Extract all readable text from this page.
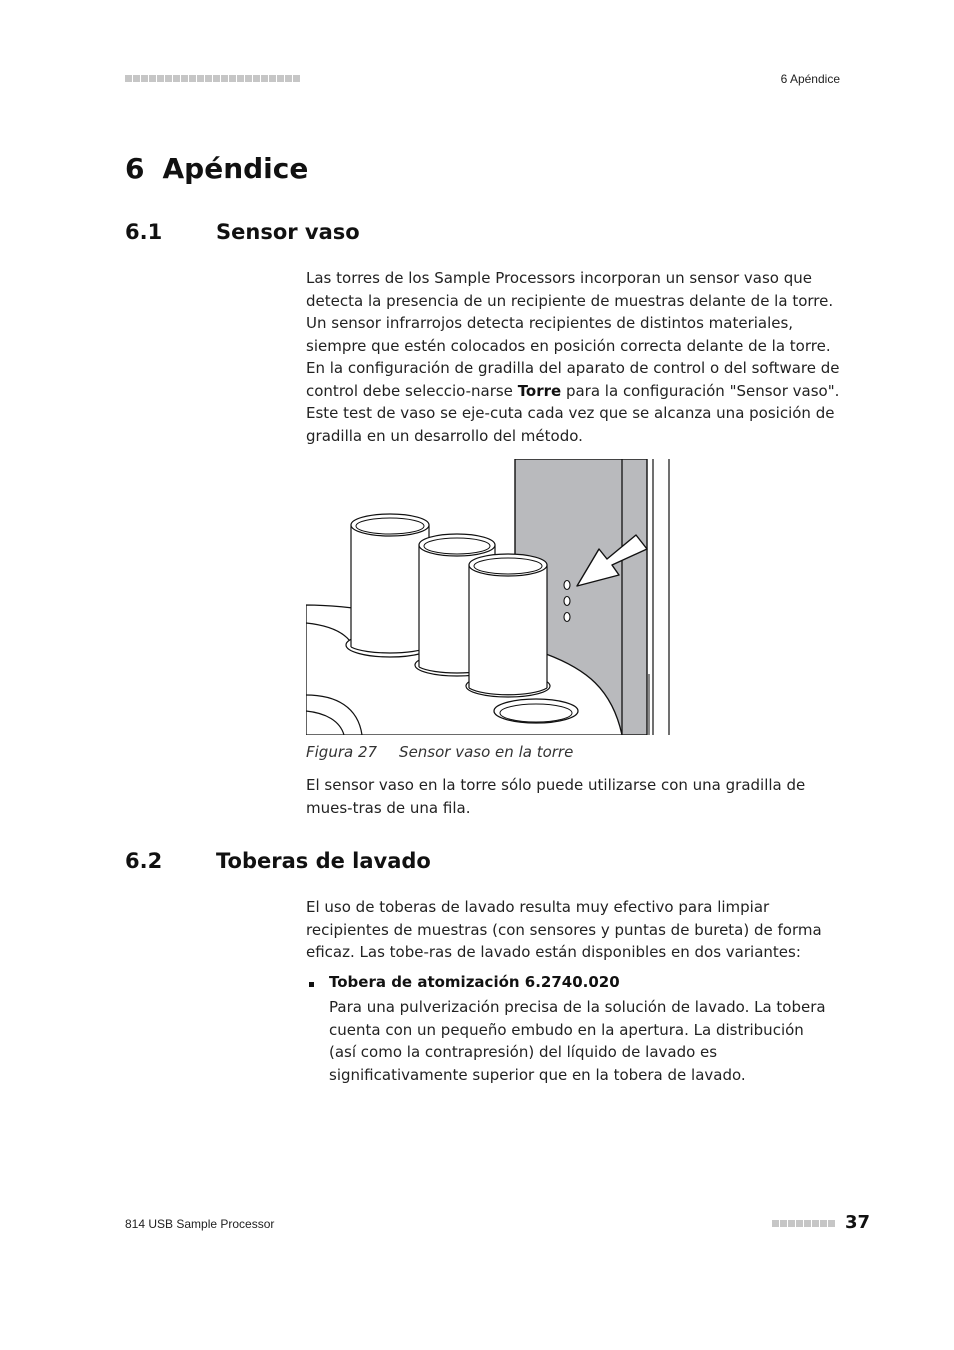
6 Apéndice
6 Apéndice
6.1	Sensor vaso

Las torres de los Sample Processors incorporan un sensor vaso que detecta la presencia de un recipiente de muestras delante de la torre. Un sensor infrarrojos detecta recipientes de distintos materiales, siempre que estén colocados en posición correcta delante de la torre. En la configuración de gradilla del aparato de control o del software de control debe seleccio-narse Torre para la configuración "Sensor vaso". Este test de vaso se eje-cuta cada vez que se alcanza una posición de gradilla en un desarrollo del método.

Figura 27 Sensor vaso en la torre

El sensor vaso en la torre sólo puede utilizarse con una gradilla de mues-tras de una fila.

6.2	Toberas de lavado

El uso de toberas de lavado resulta muy efectivo para limpiar recipientes de muestras (con sensores y puntas de bureta) de forma eficaz. Las tobe-ras de lavado están disponibles en dos variantes:

Tobera de atomización 6.2740.020

Para una pulverización precisa de la solución de lavado. La tobera cuenta con un pequeño embudo en la apertura. La distribución (así como la contrapresión) del líquido de lavado es significativamente superior que en la tobera de lavado.

814 USB Sample Processor	37
